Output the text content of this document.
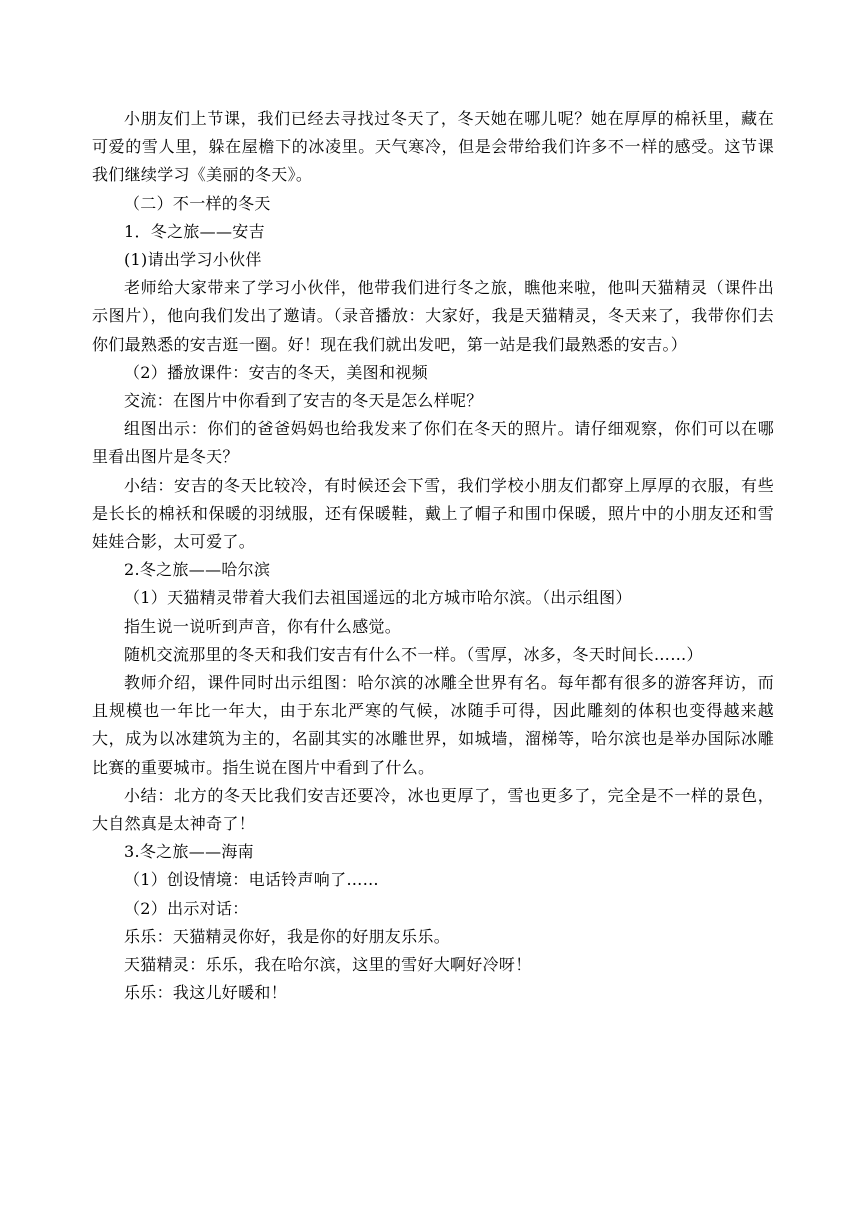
小朋友们上节课，我们已经去寻找过冬天了，冬天她在哪儿呢？她在厚厚的棉袄里，藏在可爱的雪人里，躲在屋檐下的冰凌里。天气寒冷，但是会带给我们许多不一样的感受。这节课我们继续学习《美丽的冬天》。

（二）不一样的冬天

1．冬之旅——安吉

(1)请出学习小伙伴

老师给大家带来了学习小伙伴，他带我们进行冬之旅，瞧他来啦，他叫天猫精灵（课件出示图片），他向我们发出了邀请。（录音播放：大家好，我是天猫精灵，冬天来了，我带你们去你们最熟悉的安吉逛一圈。好！现在我们就出发吧，第一站是我们最熟悉的安吉。）

（2）播放课件：安吉的冬天，美图和视频

交流：在图片中你看到了安吉的冬天是怎么样呢？

组图出示：你们的爸爸妈妈也给我发来了你们在冬天的照片。请仔细观察，你们可以在哪里看出图片是冬天？

小结：安吉的冬天比较冷，有时候还会下雪，我们学校小朋友们都穿上厚厚的衣服，有些是长长的棉袄和保暖的羽绒服，还有保暖鞋，戴上了帽子和围巾保暖，照片中的小朋友还和雪娃娃合影，太可爱了。

2.冬之旅——哈尔滨

（1）天猫精灵带着大我们去祖国遥远的北方城市哈尔滨。（出示组图）

指生说一说听到声音，你有什么感觉。

随机交流那里的冬天和我们安吉有什么不一样。（雪厚，冰多，冬天时间长……）

教师介绍，课件同时出示组图：哈尔滨的冰雕全世界有名。每年都有很多的游客拜访，而且规模也一年比一年大，由于东北严寒的气候，冰随手可得，因此雕刻的体积也变得越来越大，成为以冰建筑为主的，名副其实的冰雕世界，如城墙，溜梯等，哈尔滨也是举办国际冰雕比赛的重要城市。指生说在图片中看到了什么。

小结：北方的冬天比我们安吉还要冷，冰也更厚了，雪也更多了，完全是不一样的景色，大自然真是太神奇了！

3.冬之旅——海南

（1）创设情境：电话铃声响了……

（2）出示对话：

乐乐：天猫精灵你好，我是你的好朋友乐乐。

天猫精灵：乐乐，我在哈尔滨，这里的雪好大啊好冷呀！

乐乐：我这儿好暖和！
